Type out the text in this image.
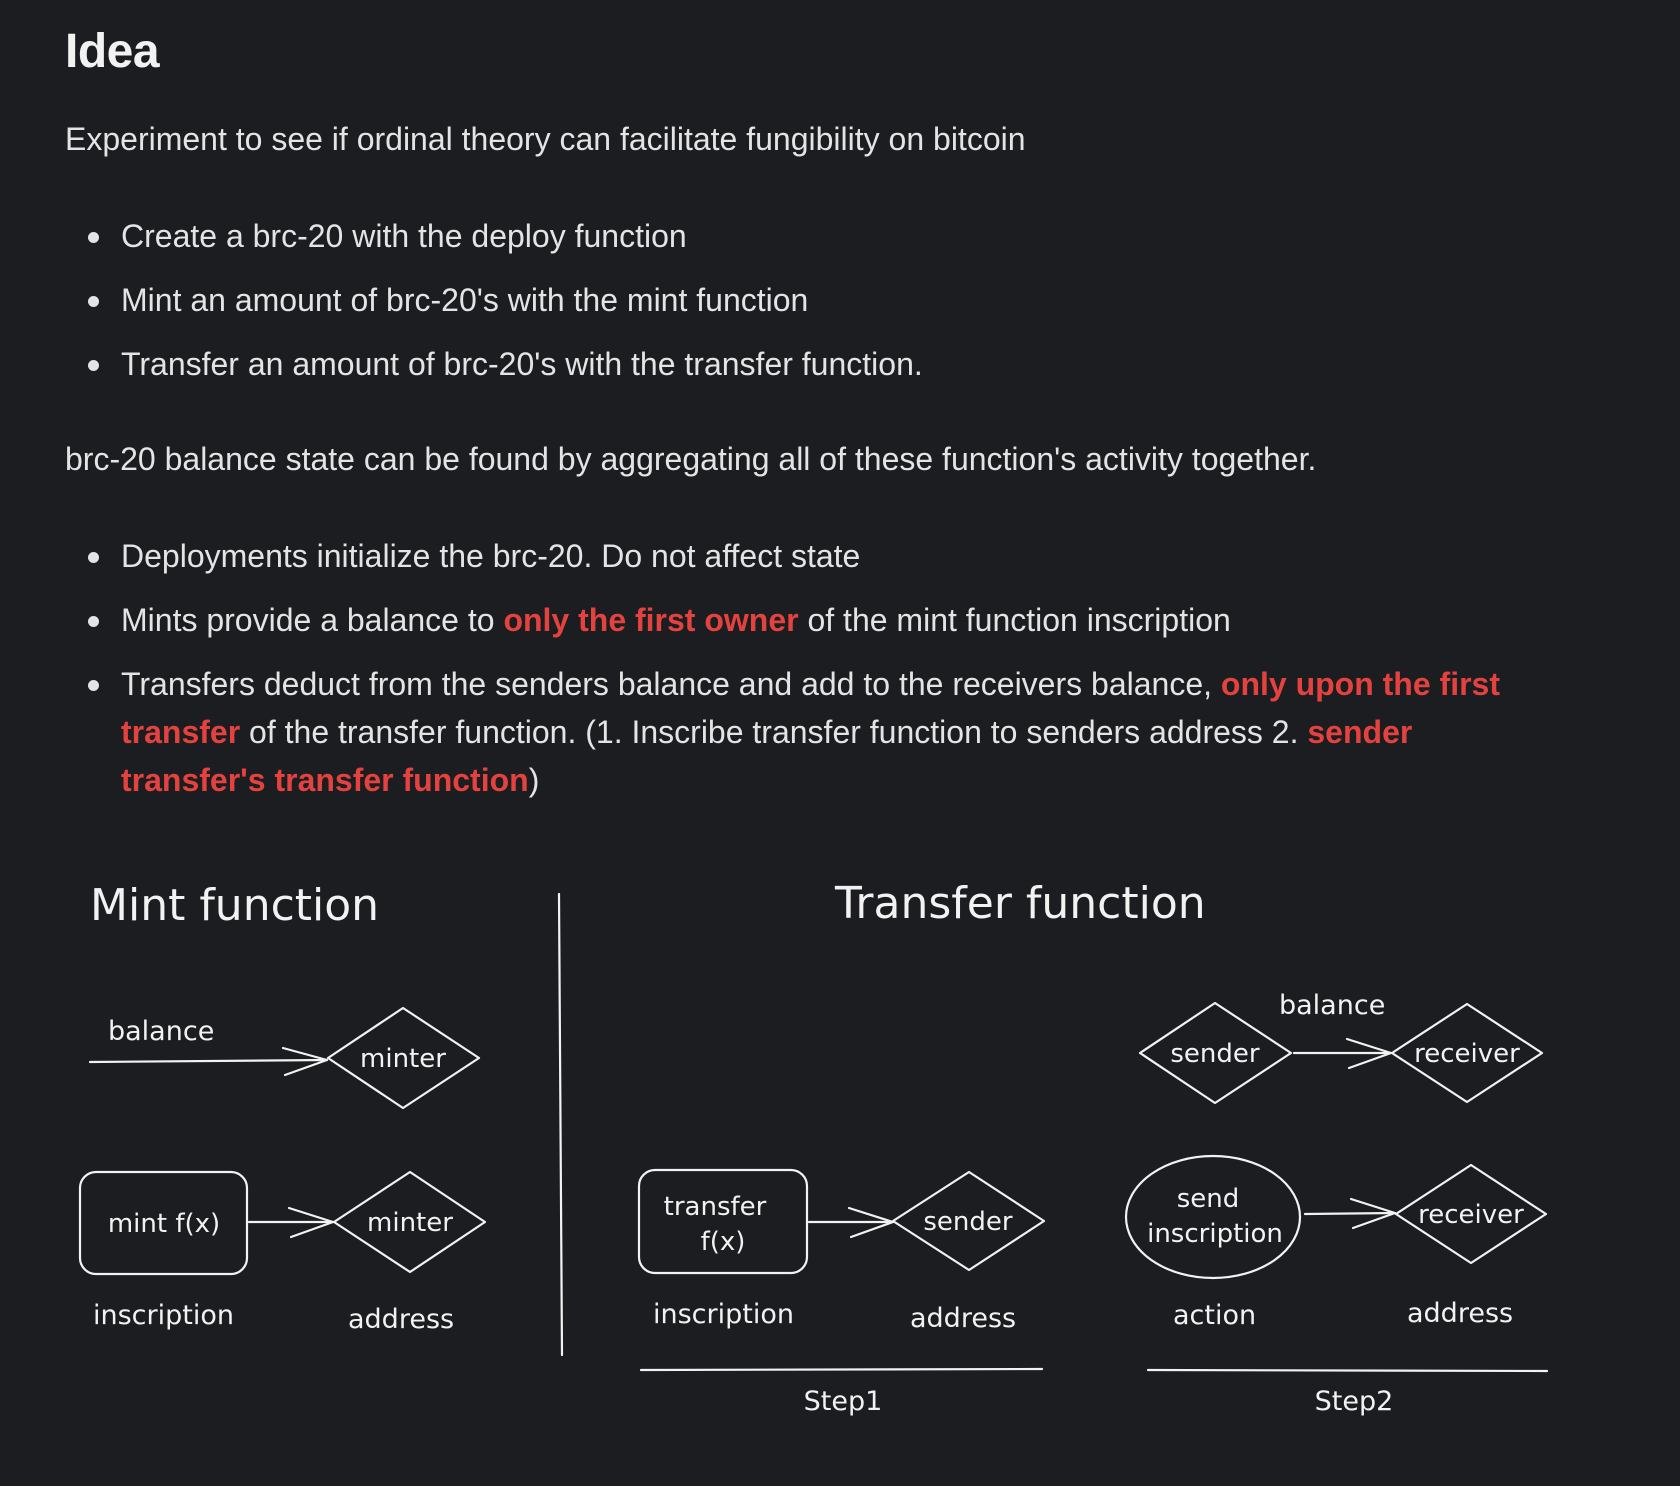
Idea

Experiment to see if ordinal theory can facilitate fungibility on bitcoin

Create a brc-20 with the deploy function
Mint an amount of brc-20's with the mint function
Transfer an amount of brc-20's with the transfer function.

brc-20 balance state can be found by aggregating all of these function's activity together.

Deployments initialize the brc-20. Do not affect state
Mints provide a balance to only the first owner of the mint function inscription
Transfers deduct from the senders balance and add to the receivers balance, only upon the first transfer of the transfer function. (1. Inscribe transfer function to senders address 2. sender transfer's transfer function)
Mint function	Transfer function
balance
minter
mint f(x)	minter
inscription	address
transfer
f(x)
sender
inscription	address
Step1
balance
sender	receiver
send
inscription
receiver
action	address
Step2
